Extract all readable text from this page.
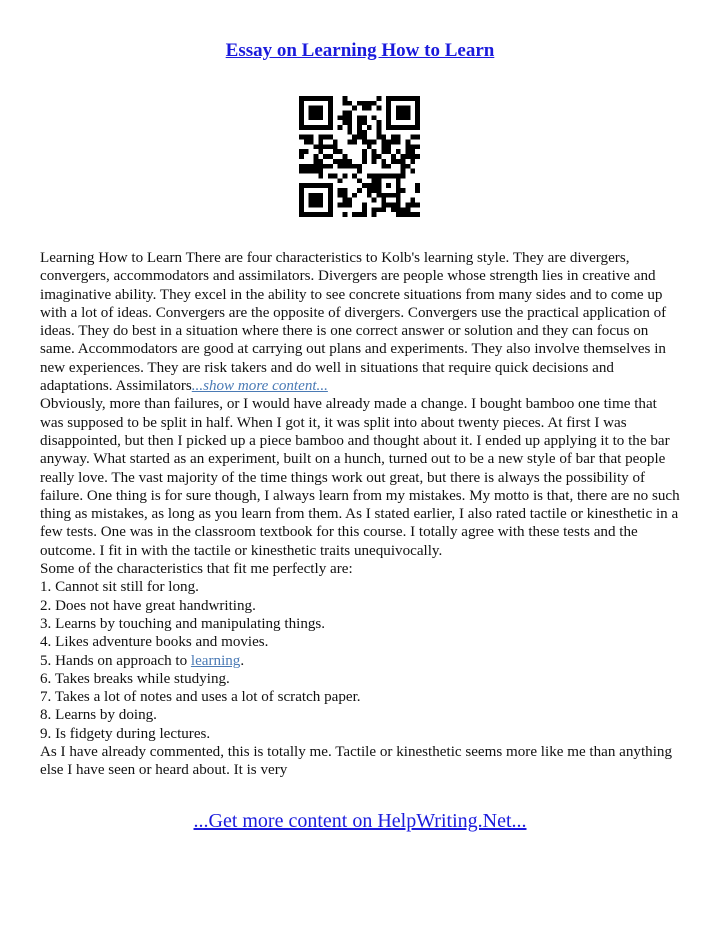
Essay on Learning How to Learn

Learning How to Learn There are four characteristics to Kolb's learning style. They are divergers, convergers, accommodators and assimilators. Divergers are people whose strength lies in creative and imaginative ability. They excel in the ability to see concrete situations from many sides and to come up with a lot of ideas. Convergers are the opposite of divergers. Convergers use the practical application of ideas. They do best in a situation where there is one correct answer or solution and they can focus on same. Accommodators are good at carrying out plans and experiments. They also involve themselves in new experiences. They are risk takers and do well in situations that require quick decisions and adaptations. Assimilators...show more content...

Obviously, more than failures, or I would have already made a change. I bought bamboo one time that was supposed to be split in half. When I got it, it was split into about twenty pieces. At first I was disappointed, but then I picked up a piece bamboo and thought about it. I ended up applying it to the bar anyway. What started as an experiment, built on a hunch, turned out to be a new style of bar that people really love. The vast majority of the time things work out great, but there is always the possibility of failure. One thing is for sure though, I always learn from my mistakes. My motto is that, there are no such thing as mistakes, as long as you learn from them. As I stated earlier, I also rated tactile or kinesthetic in a few tests. One was in the classroom textbook for this course. I totally agree with these tests and the outcome. I fit in with the tactile or kinesthetic traits unequivocally.

Some of the characteristics that fit me perfectly are:

1. Cannot sit still for long.
2. Does not have great handwriting.
3. Learns by touching and manipulating things.
4. Likes adventure books and movies.
5. Hands on approach to learning.
6. Takes breaks while studying.
7. Takes a lot of notes and uses a lot of scratch paper.
8. Learns by doing.
9. Is fidgety during lectures.

As I have already commented, this is totally me. Tactile or kinesthetic seems more like me than anything else I have seen or heard about. It is very

...Get more content on HelpWriting.Net...
